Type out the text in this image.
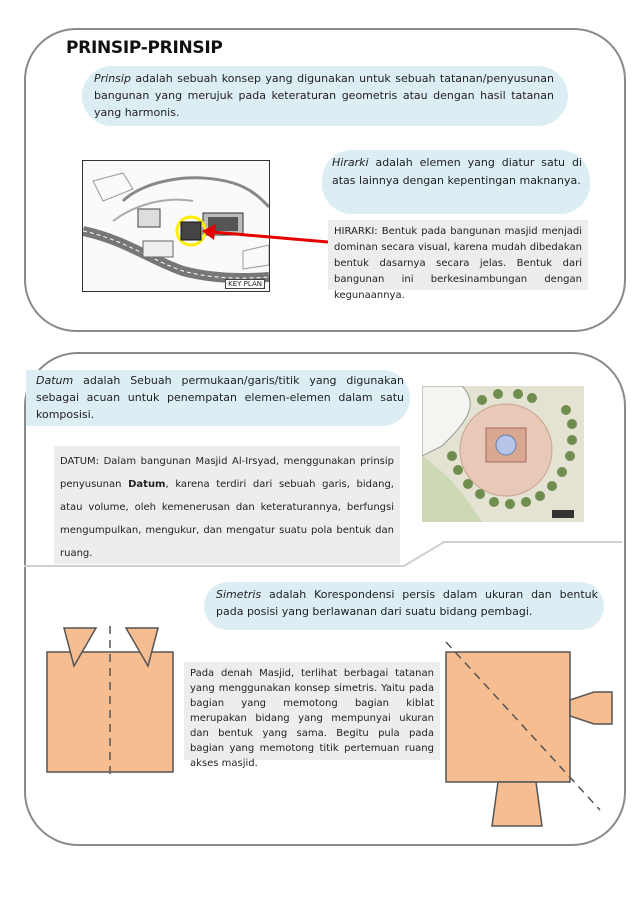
PRINSIP-PRINSIP
Prinsip adalah sebuah konsep yang digunakan untuk sebuah tatanan/penyusunan bangunan yang merujuk pada keteraturan geometris atau dengan hasil tatanan yang harmonis.
KEY PLAN
Hirarki adalah elemen yang diatur satu di atas lainnya dengan kepentingan maknanya.
HIRARKI: Bentuk pada bangunan masjid menjadi dominan secara visual, karena mudah dibedakan bentuk dasarnya secara jelas. Bentuk dari bangunan ini berkesinambungan dengan kegunaannya.
Datum adalah Sebuah permukaan/garis/titik yang digunakan sebagai acuan untuk penempatan elemen-elemen dalam satu komposisi.
DATUM: Dalam bangunan Masjid Al-Irsyad, menggunakan prinsip penyusunan Datum, karena terdiri dari sebuah garis, bidang, atau volume, oleh kemenerusan dan keteraturannya, berfungsi mengumpulkan, mengukur, dan mengatur suatu pola bentuk dan ruang.
Simetris adalah Korespondensi persis dalam ukuran dan bentuk pada posisi yang berlawanan dari suatu bidang pembagi.
Pada denah Masjid, terlihat berbagai tatanan yang menggunakan konsep simetris. Yaitu pada bagian yang memotong bagian kiblat merupakan bidang yang mempunyai ukuran dan bentuk yang sama. Begitu pula pada bagian yang memotong titik pertemuan ruang akses masjid.
